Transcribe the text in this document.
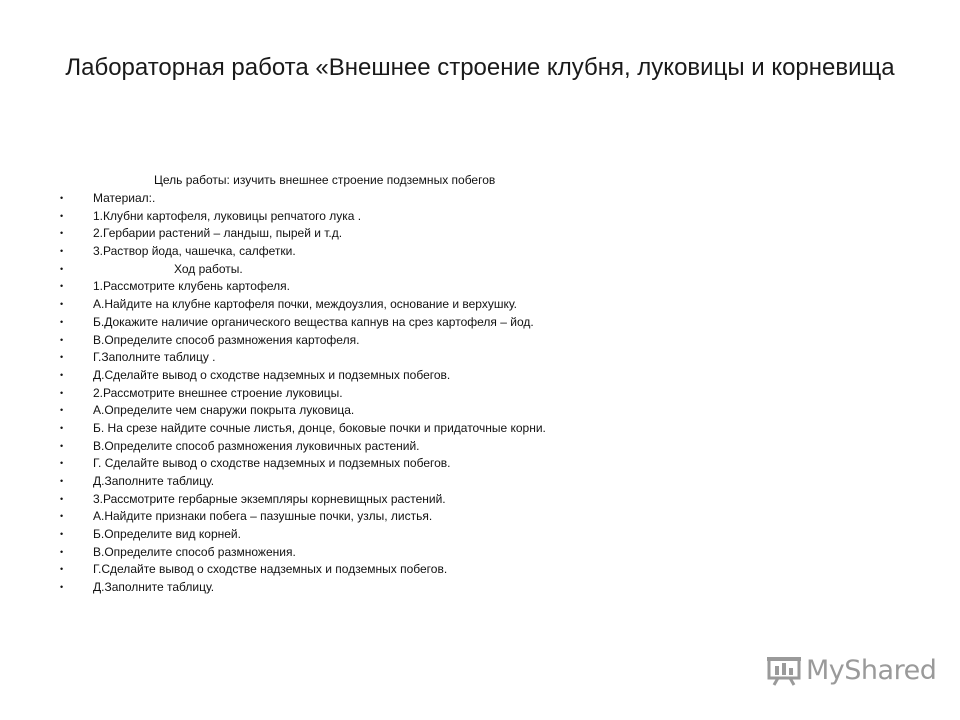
Лабораторная работа «Внешнее строение клубня, луковицы и корневища
Цель работы: изучить внешнее строение подземных побегов
• Материал:.
• 1.Клубни картофеля, луковицы репчатого лука .
• 2.Гербарии растений – ландыш, пырей и т.д.
• 3.Раствор йода, чашечка, салфетки.
•	Ход работы.
• 1.Рассмотрите клубень картофеля.
• А.Найдите на клубне картофеля почки, междоузлия, основание и верхушку.
• Б.Докажите наличие органического вещества капнув на срез картофеля – йод.
• В.Определите способ размножения картофеля.
• Г.Заполните таблицу .
• Д.Сделайте вывод о сходстве надземных и подземных побегов.
• 2.Рассмотрите внешнее строение луковицы.
• А.Определите чем снаружи покрыта луковица.
• Б. На срезе найдите сочные листья, донце, боковые почки и придаточные корни.
• В.Определите способ размножения луковичных растений.
• Г. Сделайте вывод о сходстве надземных и подземных побегов.
• Д.Заполните таблицу.
• 3.Рассмотрите гербарные экземпляры корневищных растений.
• А.Найдите признаки побега – пазушные почки, узлы, листья.
• Б.Определите вид корней.
• В.Определите способ размножения.
• Г.Сделайте вывод о сходстве надземных и подземных побегов.
• Д.Заполните таблицу.
MyShared
